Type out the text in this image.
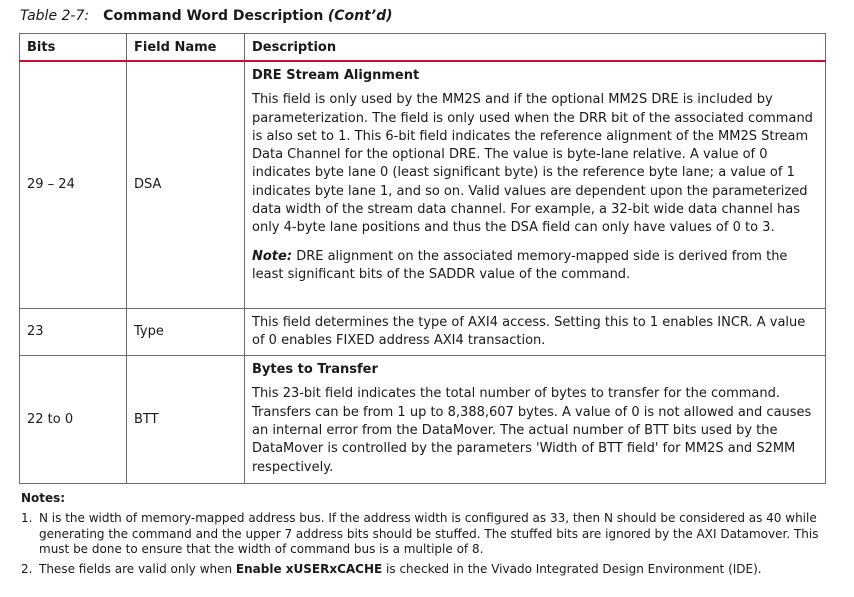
Table 2-7: Command Word Description (Cont’d)
Bits	Field Name	Description
29 – 24	DSA	DRE Stream Alignment

This field is only used by the MM2S and if the optional MM2S DRE is included by parameterization. The field is only used when the DRR bit of the associated command is also set to 1. This 6-bit field indicates the reference alignment of the MM2S Stream Data Channel for the optional DRE. The value is byte-lane relative. A value of 0 indicates byte lane 0 (least significant byte) is the reference byte lane; a value of 1 indicates byte lane 1, and so on. Valid values are dependent upon the parameterized data width of the stream data channel. For example, a 32-bit wide data channel has only 4-byte lane positions and thus the DSA field can only have values of 0 to 3.

Note: DRE alignment on the associated memory-mapped side is derived from the least significant bits of the SADDR value of the command.

23	Type	This field determines the type of AXI4 access. Setting this to 1 enables INCR. A value of 0 enables FIXED address AXI4 transaction.

22 to 0	BTT	Bytes to Transfer

This 23-bit field indicates the total number of bytes to transfer for the command. Transfers can be from 1 up to 8,388,607 bytes. A value of 0 is not allowed and causes an internal error from the DataMover. The actual number of BTT bits used by the DataMover is controlled by the parameters 'Width of BTT field' for MM2S and S2MM respectively.

Notes:
1. N is the width of memory-mapped address bus. If the address width is configured as 33, then N should be considered as 40 while generating the command and the upper 7 address bits should be stuffed. The stuffed bits are ignored by the AXI Datamover. This must be done to ensure that the width of command bus is a multiple of 8.
2. These fields are valid only when Enable xUSERxCACHE is checked in the Vivado Integrated Design Environment (IDE).
